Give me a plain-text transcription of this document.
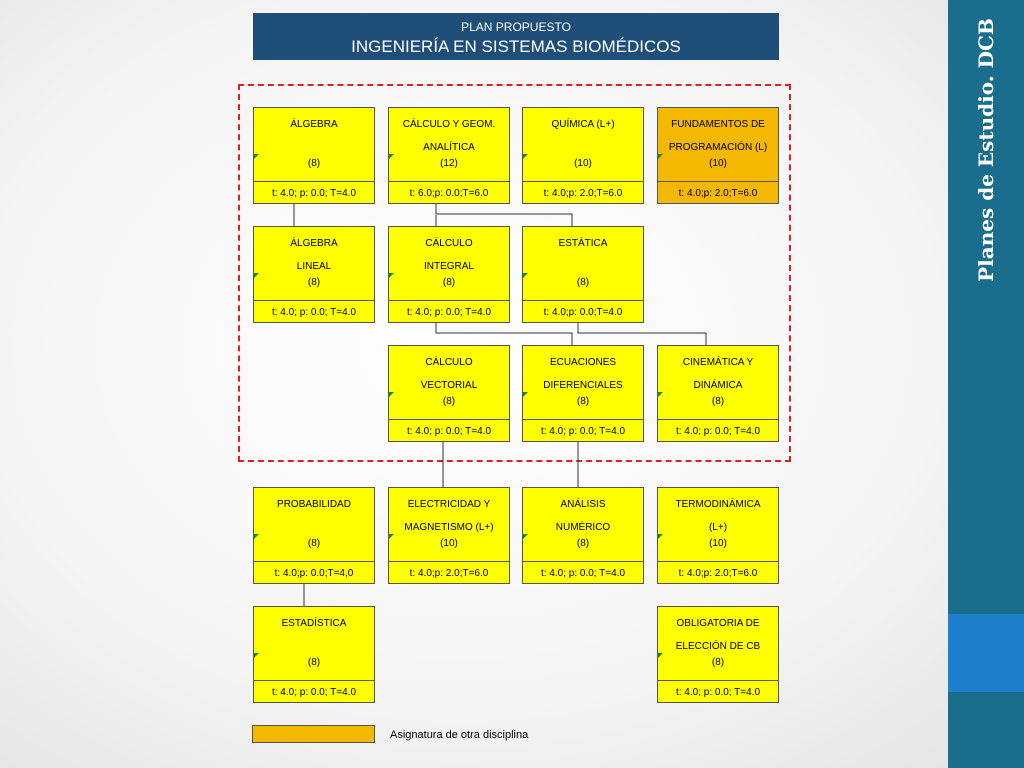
PLAN PROPUESTO
INGENIERÍA EN SISTEMAS BIOMÉDICOS	Planes de Estudio. DCB
ÁLGEBRA
(8)
t: 4.0; p: 0.0; T=4.0
CÁLCULO Y GEOM.
ANALÍTICA
(12)
t: 6.0;p: 0.0;T=6.0
QUÍMICA (L+)
(10)
t: 4.0;p: 2.0;T=6.0
FUNDAMENTOS DE
PROGRAMACIÓN (L)
(10)
t: 4.0;p: 2.0;T=6.0
ÁLGEBRA
LINEAL
(8)
t: 4.0; p: 0.0; T=4.0
CÁLCULO
INTEGRAL
(8)
t: 4.0; p: 0.0; T=4.0
ESTÁTICA
(8)
t: 4.0;p: 0.0;T=4.0
CÁLCULO
VECTORIAL
(8)
t: 4.0; p: 0.0; T=4.0
ECUACIONES
DIFERENCIALES
(8)
t: 4.0; p: 0.0; T=4.0
CINEMÁTICA Y
DINÁMICA
(8)
t: 4.0; p: 0.0; T=4.0
PROBABILIDAD
(8)
t: 4.0;p: 0.0;T=4,0
ELECTRICIDAD Y
MAGNETISMO (L+)
(10)
t: 4.0;p: 2.0;T=6.0
ANÁLISIS
NUMÉRICO
(8)
t: 4.0; p: 0.0; T=4.0
TERMODINÁMICA
(L+)
(10)
t: 4.0;p: 2.0;T=6.0
ESTADÍSTICA
(8)
t: 4.0; p: 0.0; T=4.0
OBLIGATORIA DE
ELECCIÓN DE CB
(8)
t: 4.0; p: 0.0; T=4.0
Asignatura de otra disciplina
